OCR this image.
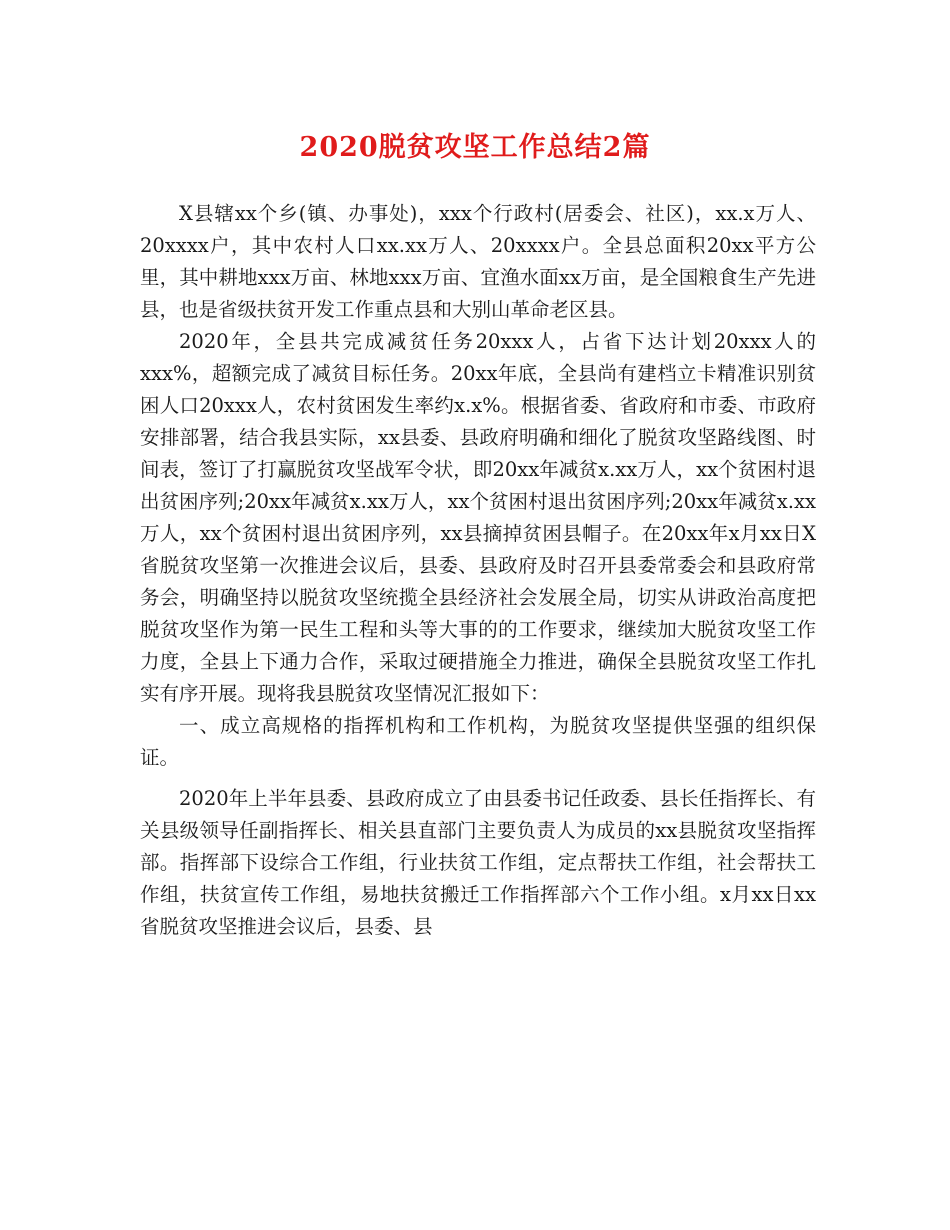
2020脱贫攻坚工作总结2篇

X县辖xx个乡(镇、办事处)，xxx个行政村(居委会、社区)，xx.x万人、20xxxx户，其中农村人口xx.xx万人、20xxxx户。全县总面积20xx平方公里，其中耕地xxx万亩、林地xxx万亩、宜渔水面xx万亩，是全国粮食生产先进县，也是省级扶贫开发工作重点县和大别山革命老区县。

2020年，全县共完成减贫任务20xxx人，占省下达计划20xxx人的xxx%，超额完成了减贫目标任务。20xx年底，全县尚有建档立卡精准识别贫困人口20xxx人，农村贫困发生率约x.x%。根据省委、省政府和市委、市政府安排部署，结合我县实际，xx县委、县政府明确和细化了脱贫攻坚路线图、时间表，签订了打赢脱贫攻坚战军令状，即20xx年减贫x.xx万人，xx个贫困村退出贫困序列;20xx年减贫x.xx万人，xx个贫困村退出贫困序列;20xx年减贫x.xx万人，xx个贫困村退出贫困序列，xx县摘掉贫困县帽子。在20xx年x月xx日X省脱贫攻坚第一次推进会议后，县委、县政府及时召开县委常委会和县政府常务会，明确坚持以脱贫攻坚统揽全县经济社会发展全局，切实从讲政治高度把脱贫攻坚作为第一民生工程和头等大事的的工作要求，继续加大脱贫攻坚工作力度，全县上下通力合作，采取过硬措施全力推进，确保全县脱贫攻坚工作扎实有序开展。现将我县脱贫攻坚情况汇报如下：

一、成立高规格的指挥机构和工作机构，为脱贫攻坚提供坚强的组织保证。

2020年上半年县委、县政府成立了由县委书记任政委、县长任指挥长、有关县级领导任副指挥长、相关县直部门主要负责人为成员的xx县脱贫攻坚指挥部。指挥部下设综合工作组，行业扶贫工作组，定点帮扶工作组，社会帮扶工作组，扶贫宣传工作组，易地扶贫搬迁工作指挥部六个工作小组。x月xx日xx省脱贫攻坚推进会议后，县委、县
